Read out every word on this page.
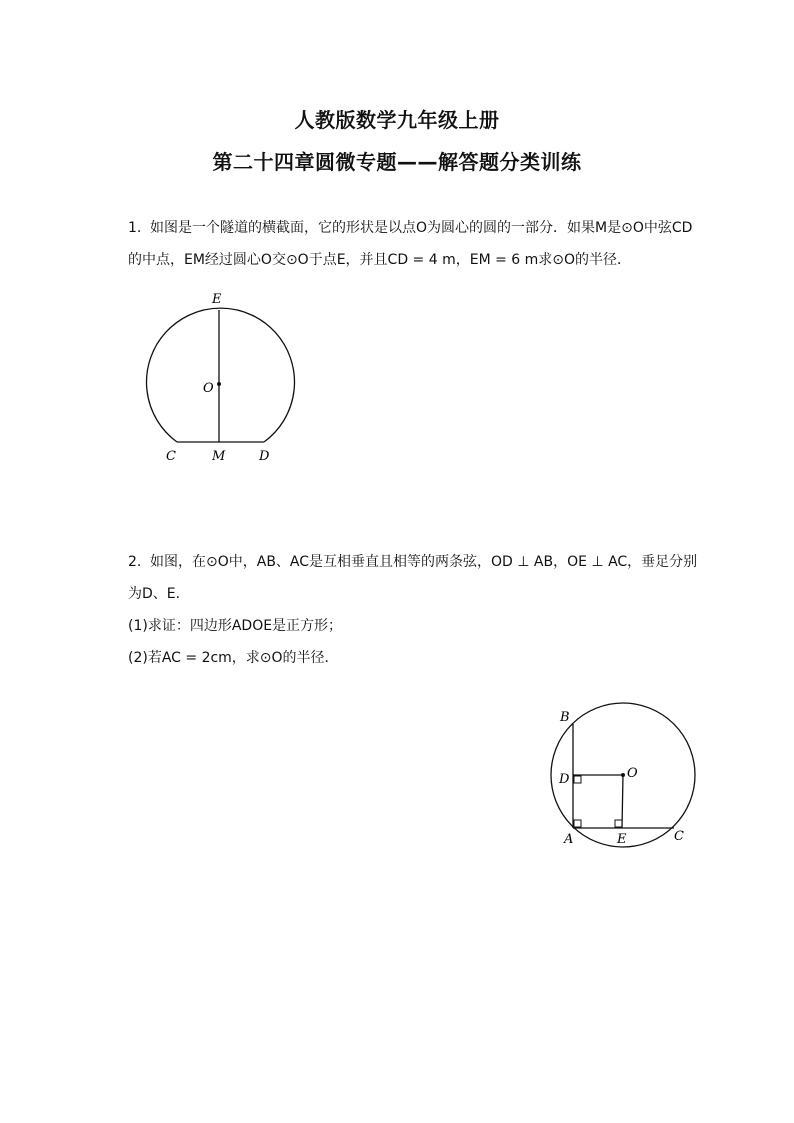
人教版数学九年级上册
第二十四章圆微专题——解答题分类训练
1. 如图是一个隧道的横截面，它的形状是以点O为圆心的圆的一部分．如果M是⊙O中弦CD
的中点，EM经过圆心O交⊙O于点E，并且CD = 4 m，EM = 6 m求⊙O的半径．
E
O
C	M	D
2. 如图，在⊙O中，AB、AC是互相垂直且相等的两条弦，OD ⊥ AB，OE ⊥ AC，垂足分别
为D、E．
(1)求证：四边形ADOE是正方形；
(2)若AC = 2cm，求⊙O的半径．
B
D	O
A	E	C
